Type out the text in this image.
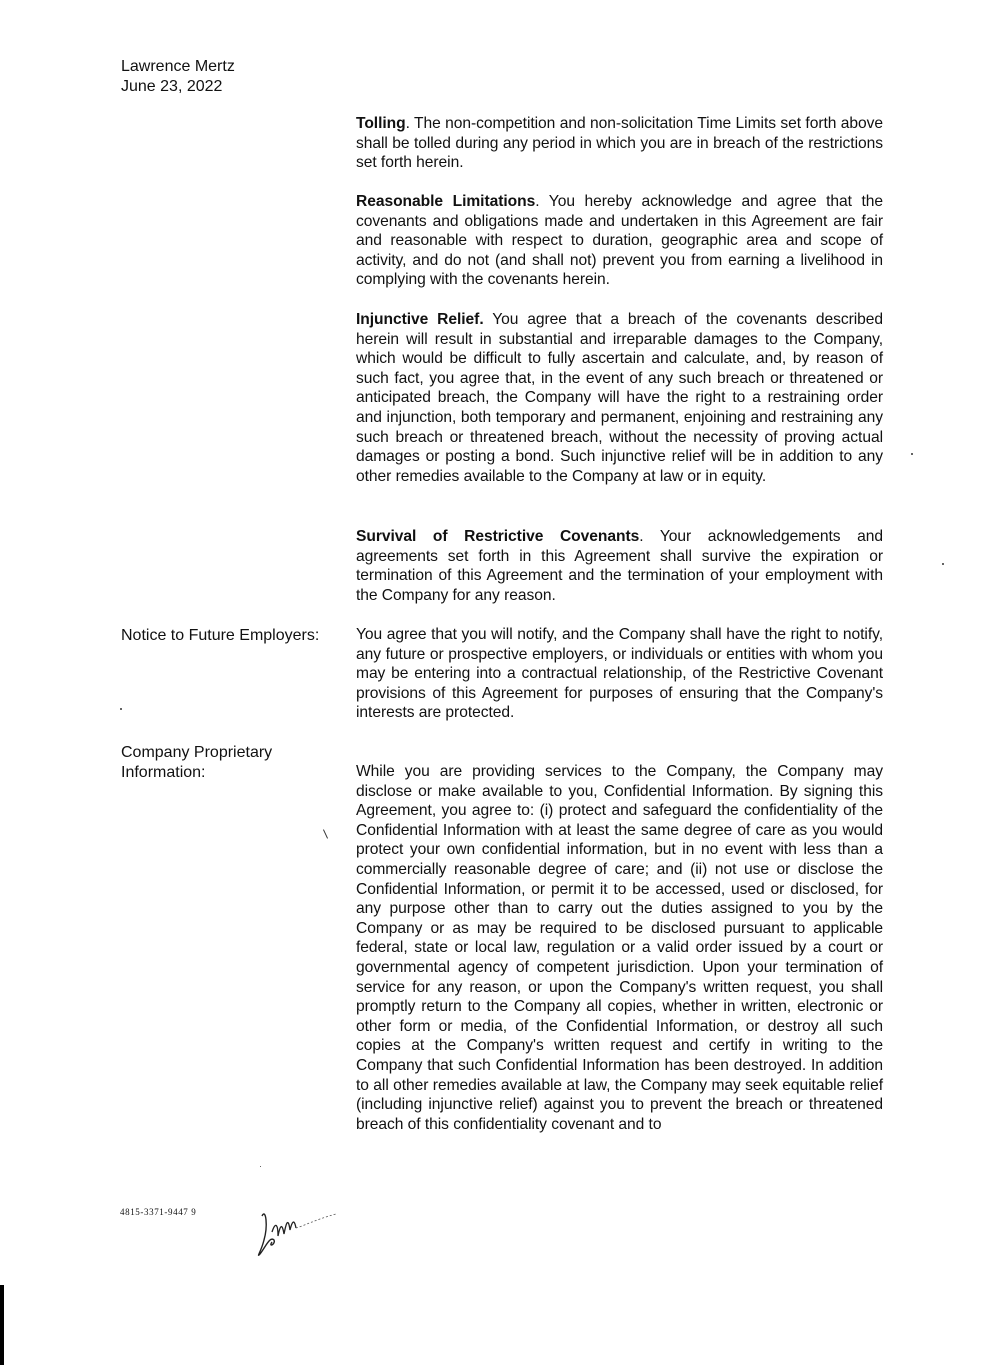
Lawrence Mertz
June 23, 2022
Tolling. The non-competition and non-solicitation Time Limits set forth above shall be tolled during any period in which you are in breach of the restrictions set forth herein.
Reasonable Limitations. You hereby acknowledge and agree that the covenants and obligations made and undertaken in this Agreement are fair and reasonable with respect to duration, geographic area and scope of activity, and do not (and shall not) prevent you from earning a livelihood in complying with the covenants herein.
Injunctive Relief. You agree that a breach of the covenants described herein will result in substantial and irreparable damages to the Company, which would be difficult to fully ascertain and calculate, and, by reason of such fact, you agree that, in the event of any such breach or threatened or anticipated breach, the Company will have the right to a restraining order and injunction, both temporary and permanent, enjoining and restraining any such breach or threatened breach, without the necessity of proving actual damages or posting a bond. Such injunctive relief will be in addition to any other remedies available to the Company at law or in equity.
Survival of Restrictive Covenants. Your acknowledgements and agreements set forth in this Agreement shall survive the expiration or termination of this Agreement and the termination of your employment with the Company for any reason.
Notice to Future Employers: You agree that you will notify, and the Company shall have the right to notify, any future or prospective employers, or individuals or entities with whom you may be entering into a contractual relationship, of the Restrictive Covenant provisions of this Agreement for purposes of ensuring that the Company's interests are protected.
Company Proprietary
Information:	While you are providing services to the Company, the Company may disclose or make available to you, Confidential Information. By signing this Agreement, you agree to: (i) protect and safeguard the confidentiality of the Confidential Information with at least the same degree of care as you would protect your own confidential information, but in no event with less than a commercially reasonable degree of care; and (ii) not use or disclose the Confidential Information, or permit it to be accessed, used or disclosed, for any purpose other than to carry out the duties assigned to you by the Company or as may be required to be disclosed pursuant to applicable federal, state or local law, regulation or a valid order issued by a court or governmental agency of competent jurisdiction. Upon your termination of service for any reason, or upon the Company's written request, you shall promptly return to the Company all copies, whether in written, electronic or other form or media, of the Confidential Information, or destroy all such copies at the Company's written request and certify in writing to the Company that such Confidential Information has been destroyed. In addition to all other remedies available at law, the Company may seek equitable relief (including injunctive relief) against you to prevent the breach or threatened breach of this confidentiality covenant and to
4815-3371-9447 9
